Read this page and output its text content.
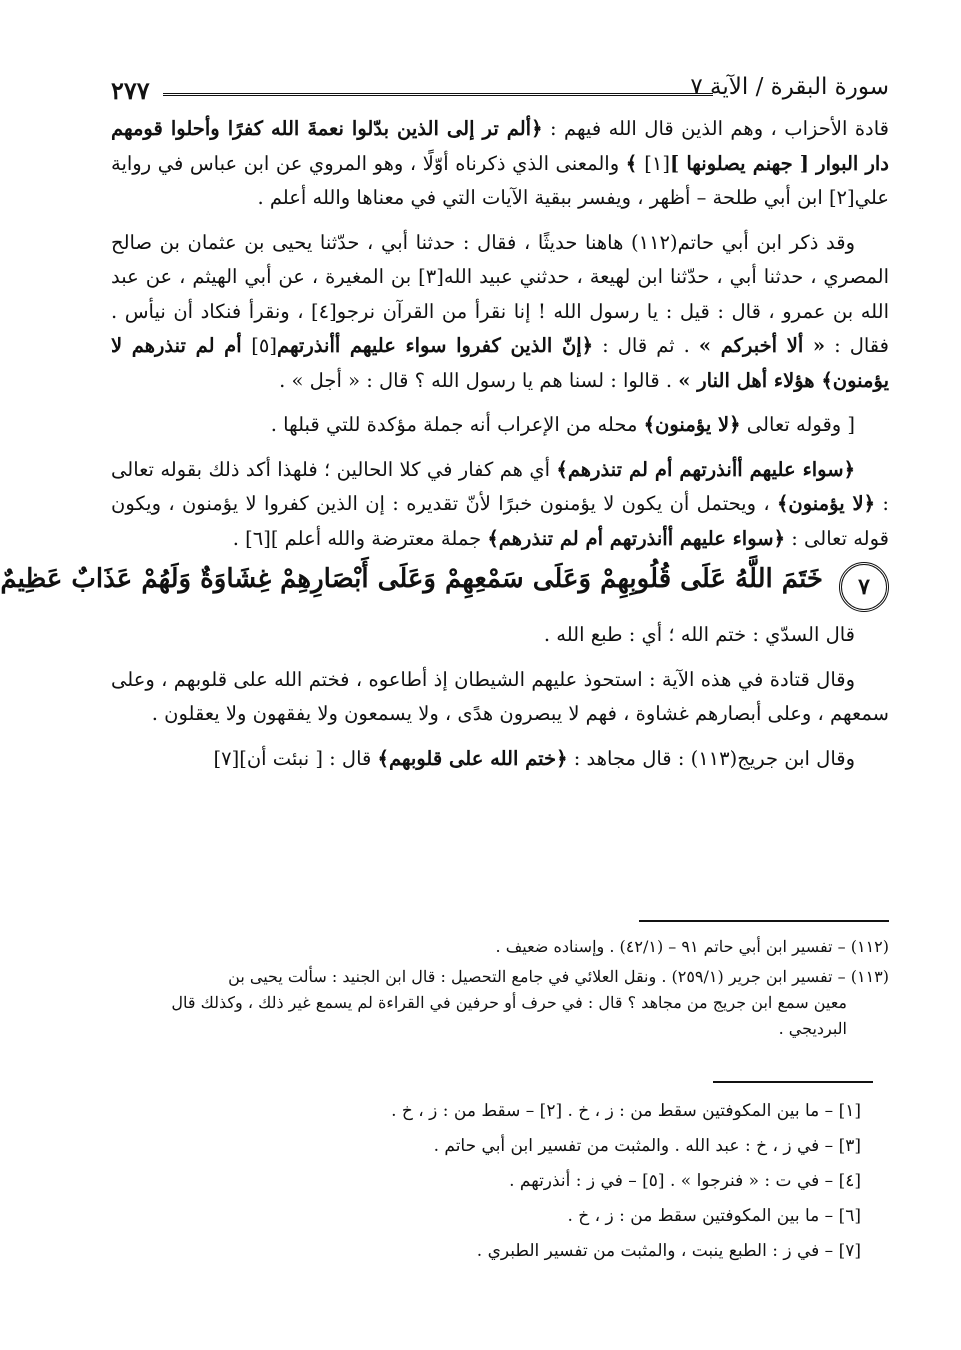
سورة البقرة / الآية ٧
٢٧٧

قادة الأحزاب ، وهم الذين قال الله فيهم : ﴿ألم تر إلى الذين بدّلوا نعمةَ الله كفرًا وأحلوا قومهم دار البوار [ جهنم يصلونها ][١] ﴾ والمعنى الذي ذكرناه أوّلًا ، وهو المروي عن ابن عباس في رواية علي[٢] ابن أبي طلحة – أظهر ، ويفسر ببقية الآيات التي في معناها والله أعلم .

وقد ذكر ابن أبي حاتم(١١٢) هاهنا حديثًا ، فقال : حدثنا أبي ، حدّثنا يحيى بن عثمان بن صالح المصري ، حدثنا أبي ، حدّثنا ابن لهيعة ، حدثني عبيد الله[٣] بن المغيرة ، عن أبي الهيثم ، عن عبد الله بن عمرو ، قال : قيل : يا رسول الله ! إنا نقرأ من القرآن نرجو[٤] ، ونقرأ فنكاد أن نيأس . فقال : « ألا أخبركم » . ثم قال : ﴿إنّ الذين كفروا سواء عليهم أأنذرتهم[٥] أم لم تنذرهم لا يؤمنون﴾ هؤلاء أهل النار » . قالوا : لسنا هم يا رسول الله ؟ قال : « أجل » .

[ وقوله تعالى ﴿لا يؤمنون﴾ محله من الإعراب أنه جملة مؤكدة للتي قبلها .

﴿سواء عليهم أأنذرتهم أم لم تنذرهم﴾ أي هم كفار في كلا الحالين ؛ فلهذا أكد ذلك بقوله تعالى : ﴿لا يؤمنون﴾ ، ويحتمل أن يكون لا يؤمنون خبرًا لأنّ تقديره : إن الذين كفروا لا يؤمنون ، ويكون قوله تعالى : ﴿سواء عليهم أأنذرتهم أم لم تنذرهم﴾ جملة معترضة والله أعلم ][٦] .

٧
خَتَمَ اللَّهُ عَلَى قُلُوبِهِمْ وَعَلَى سَمْعِهِمْ وَعَلَى أَبْصَارِهِمْ غِشَاوَةٌ وَلَهُمْ عَذَابٌ عَظِيمٌ

قال السدّي : ختم الله ؛ أي : طبع الله .

وقال قتادة في هذه الآية : استحوذ عليهم الشيطان إذ أطاعوه ، فختم الله على قلوبهم ، وعلى سمعهم ، وعلى أبصارهم غشاوة ، فهم لا يبصرون هدًى ، ولا يسمعون ولا يفقهون ولا يعقلون .

وقال ابن جريج(١١٣) : قال مجاهد : ﴿ختم الله على قلوبهم﴾ قال : [ نبئت أن][٧]

(١١٢) – تفسير ابن أبي حاتم ٩١ – (٤٢/١) . وإسناده ضعيف .

(١١٣) – تفسير ابن جرير (٢٥٩/١) . ونقل العلائي في جامع التحصيل : قال ابن الجنيد : سألت يحيى بن

معين سمع ابن جريج من مجاهد ؟ قال : في حرف أو حرفين في القراءة لم يسمع غير ذلك ، وكذلك قال البرديجي .

[١] – ما بين المكوفتين سقط من : ز ، خ . [٢] – سقط من : ز ، خ .

[٣] – في ز ، خ : عبد الله . والمثبت من تفسير ابن أبي حاتم .

[٤] – في ت : « فنرجوا » . [٥] – في ز : أنذرتهم .

[٦] – ما بين المكوفتين سقط من : ز ، خ .

[٧] – في ز : الطبع ينبت ، والمثبت من تفسير الطبري .
